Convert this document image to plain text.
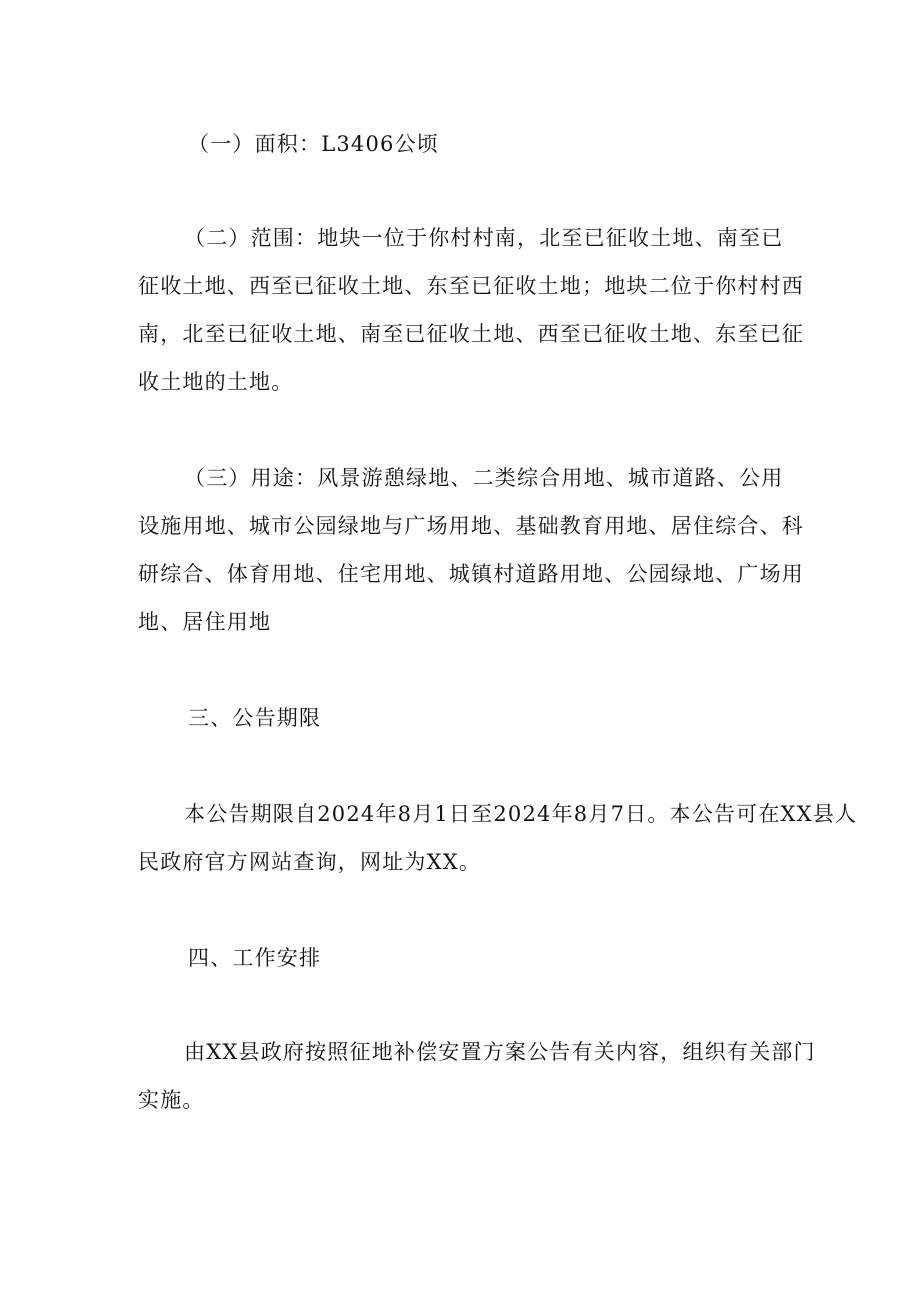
（一）面积：L3406公顷

（二）范围：地块一位于你村村南，北至已征收土地、南至已
征收土地、西至已征收土地、东至已征收土地；地块二位于你村村西
南，北至已征收土地、南至已征收土地、西至已征收土地、东至已征
收土地的土地。
（三）用途：风景游憩绿地、二类综合用地、城市道路、公用
设施用地、城市公园绿地与广场用地、基础教育用地、居住综合、科
研综合、体育用地、住宅用地、城镇村道路用地、公园绿地、广场用
地、居住用地

三、公告期限

本公告期限自2024年8月1日至2024年8月7日。本公告可在XX县人
民政府官方网站查询，网址为XX。

四、工作安排

由XX县政府按照征地补偿安置方案公告有关内容，组织有关部门
实施。
